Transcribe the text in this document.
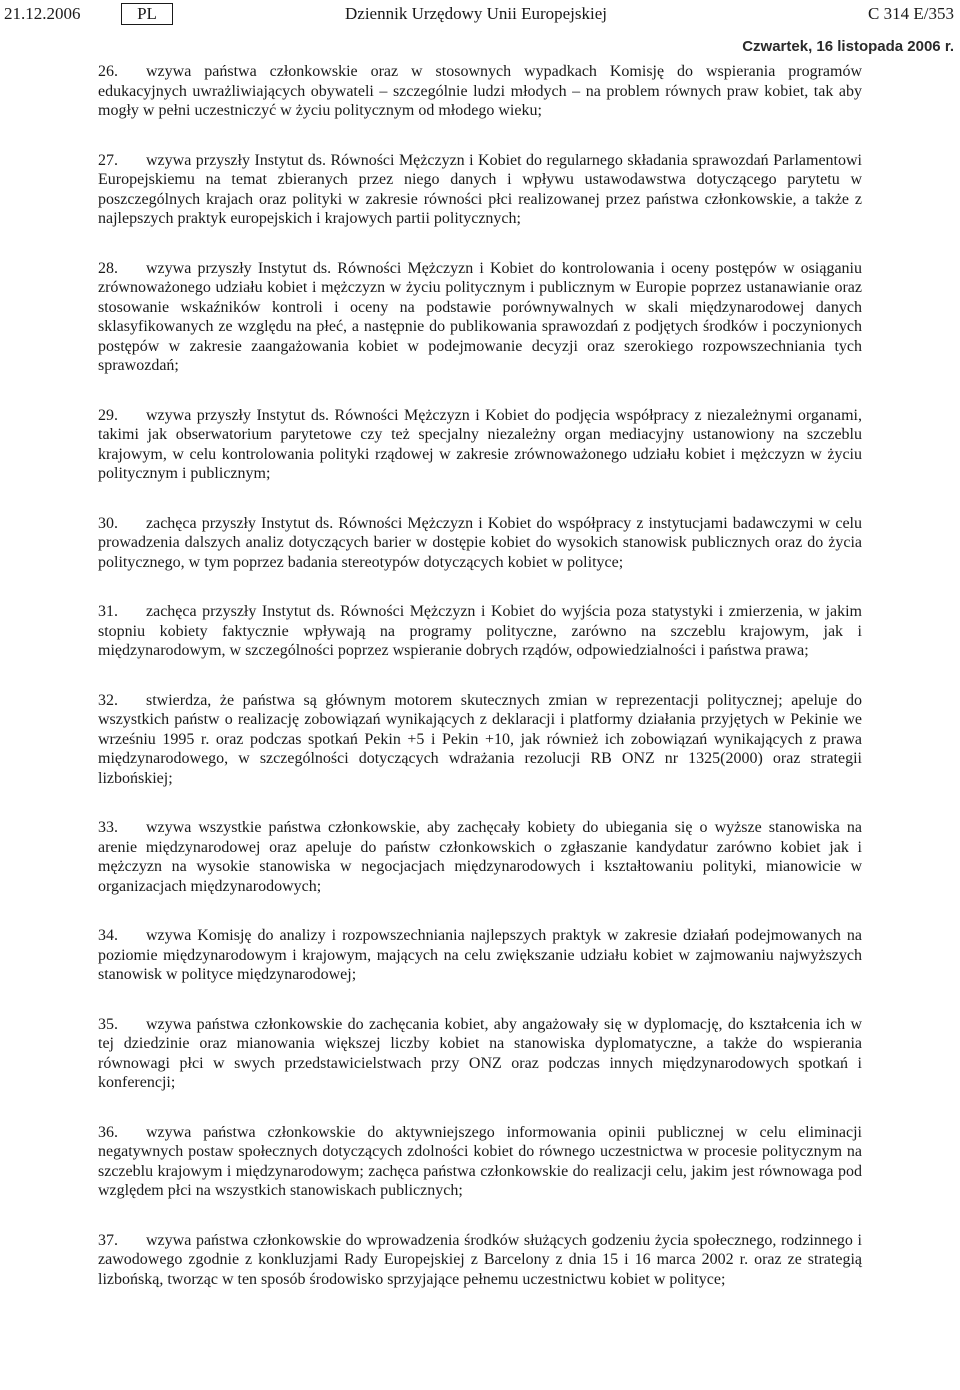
21.12.2006	PL	Dziennik Urzędowy Unii Europejskiej	C 314 E/353
Czwartek, 16 listopada 2006 r.

26. wzywa państwa członkowskie oraz w stosownych wypadkach Komisję do wspierania programów edukacyjnych uwrażliwiających obywateli – szczególnie ludzi młodych – na problem równych praw kobiet, tak aby mogły w pełni uczestniczyć w życiu politycznym od młodego wieku;

27. wzywa przyszły Instytut ds. Równości Mężczyzn i Kobiet do regularnego składania sprawozdań Parlamentowi Europejskiemu na temat zbieranych przez niego danych i wpływu ustawodawstwa dotyczącego parytetu w poszczególnych krajach oraz polityki w zakresie równości płci realizowanej przez państwa członkowskie, a także z najlepszych praktyk europejskich i krajowych partii politycznych;

28. wzywa przyszły Instytut ds. Równości Mężczyzn i Kobiet do kontrolowania i oceny postępów w osiąganiu zrównoważonego udziału kobiet i mężczyzn w życiu politycznym i publicznym w Europie poprzez ustanawianie oraz stosowanie wskaźników kontroli i oceny na podstawie porównywalnych w skali międzynarodowej danych sklasyfikowanych ze względu na płeć, a następnie do publikowania sprawozdań z podjętych środków i poczynionych postępów w zakresie zaangażowania kobiet w podejmowanie decyzji oraz szerokiego rozpowszechniania tych sprawozdań;

29. wzywa przyszły Instytut ds. Równości Mężczyzn i Kobiet do podjęcia współpracy z niezależnymi organami, takimi jak obserwatorium parytetowe czy też specjalny niezależny organ mediacyjny ustanowiony na szczeblu krajowym, w celu kontrolowania polityki rządowej w zakresie zrównoważonego udziału kobiet i mężczyzn w życiu politycznym i publicznym;

30. zachęca przyszły Instytut ds. Równości Mężczyzn i Kobiet do współpracy z instytucjami badawczymi w celu prowadzenia dalszych analiz dotyczących barier w dostępie kobiet do wysokich stanowisk publicznych oraz do życia politycznego, w tym poprzez badania stereotypów dotyczących kobiet w polityce;

31. zachęca przyszły Instytut ds. Równości Mężczyzn i Kobiet do wyjścia poza statystyki i zmierzenia, w jakim stopniu kobiety faktycznie wpływają na programy polityczne, zarówno na szczeblu krajowym, jak i międzynarodowym, w szczególności poprzez wspieranie dobrych rządów, odpowiedzialności i państwa prawa;

32. stwierdza, że państwa są głównym motorem skutecznych zmian w reprezentacji politycznej; apeluje do wszystkich państw o realizację zobowiązań wynikających z deklaracji i platformy działania przyjętych w Pekinie we wrześniu 1995 r. oraz podczas spotkań Pekin +5 i Pekin +10, jak również ich zobowiązań wynikających z prawa międzynarodowego, w szczególności dotyczących wdrażania rezolucji RB ONZ nr 1325(2000) oraz strategii lizbońskiej;

33. wzywa wszystkie państwa członkowskie, aby zachęcały kobiety do ubiegania się o wyższe stanowiska na arenie międzynarodowej oraz apeluje do państw członkowskich o zgłaszanie kandydatur zarówno kobiet jak i mężczyzn na wysokie stanowiska w negocjacjach międzynarodowych i kształtowaniu polityki, mianowicie w organizacjach międzynarodowych;

34. wzywa Komisję do analizy i rozpowszechniania najlepszych praktyk w zakresie działań podejmowanych na poziomie międzynarodowym i krajowym, mających na celu zwiększanie udziału kobiet w zajmowaniu najwyższych stanowisk w polityce międzynarodowej;

35. wzywa państwa członkowskie do zachęcania kobiet, aby angażowały się w dyplomację, do kształcenia ich w tej dziedzinie oraz mianowania większej liczby kobiet na stanowiska dyplomatyczne, a także do wspierania równowagi płci w swych przedstawicielstwach przy ONZ oraz podczas innych międzynarodowych spotkań i konferencji;

36. wzywa państwa członkowskie do aktywniejszego informowania opinii publicznej w celu eliminacji negatywnych postaw społecznych dotyczących zdolności kobiet do równego uczestnictwa w procesie politycznym na szczeblu krajowym i międzynarodowym; zachęca państwa członkowskie do realizacji celu, jakim jest równowaga pod względem płci na wszystkich stanowiskach publicznych;

37. wzywa państwa członkowskie do wprowadzenia środków służących godzeniu życia społecznego, rodzinnego i zawodowego zgodnie z konkluzjami Rady Europejskiej z Barcelony z dnia 15 i 16 marca 2002 r. oraz ze strategią lizbońską, tworząc w ten sposób środowisko sprzyjające pełnemu uczestnictwu kobiet w polityce;
